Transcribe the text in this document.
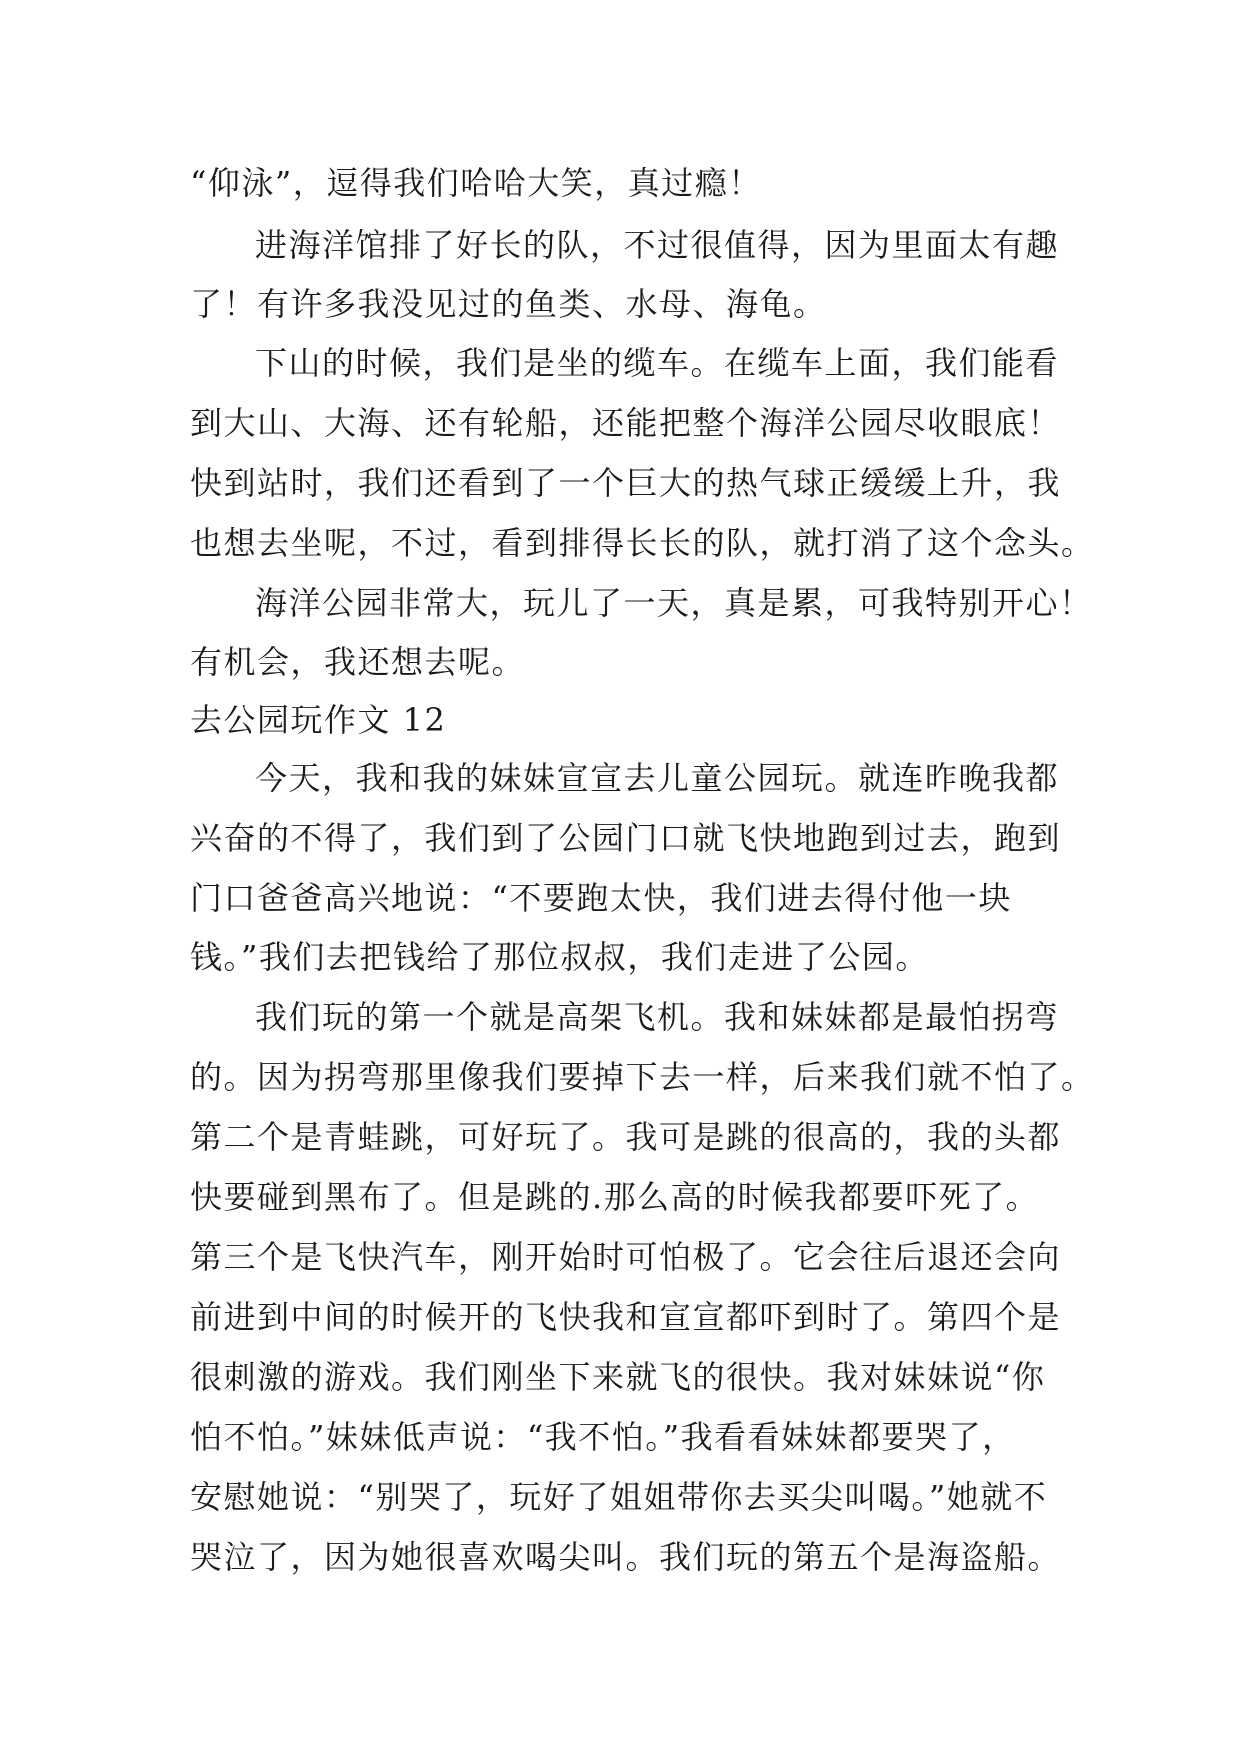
“仰泳”，逗得我们哈哈大笑，真过瘾！
进海洋馆排了好长的队，不过很值得，因为里面太有趣
了！有许多我没见过的鱼类、水母、海龟。
下山的时候，我们是坐的缆车。在缆车上面，我们能看
到大山、大海、还有轮船，还能把整个海洋公园尽收眼底！
快到站时，我们还看到了一个巨大的热气球正缓缓上升，我
也想去坐呢，不过，看到排得长长的队，就打消了这个念头。
海洋公园非常大，玩儿了一天，真是累，可我特别开心！
有机会，我还想去呢。
去公园玩作文 12
今天，我和我的妹妹宣宣去儿童公园玩。就连昨晚我都
兴奋的不得了，我们到了公园门口就飞快地跑到过去，跑到
门口爸爸高兴地说：“不要跑太快，我们进去得付他一块
钱。”我们去把钱给了那位叔叔，我们走进了公园。
我们玩的第一个就是高架飞机。我和妹妹都是最怕拐弯
的。因为拐弯那里像我们要掉下去一样，后来我们就不怕了。
第二个是青蛙跳，可好玩了。我可是跳的很高的，我的头都
快要碰到黑布了。但是跳的.那么高的时候我都要吓死了。
第三个是飞快汽车，刚开始时可怕极了。它会往后退还会向
前进到中间的时候开的飞快我和宣宣都吓到时了。第四个是
很刺激的游戏。我们刚坐下来就飞的很快。我对妹妹说“你
怕不怕。”妹妹低声说：“我不怕。”我看看妹妹都要哭了，
安慰她说：“别哭了，玩好了姐姐带你去买尖叫喝。”她就不
哭泣了，因为她很喜欢喝尖叫。我们玩的第五个是海盗船。
